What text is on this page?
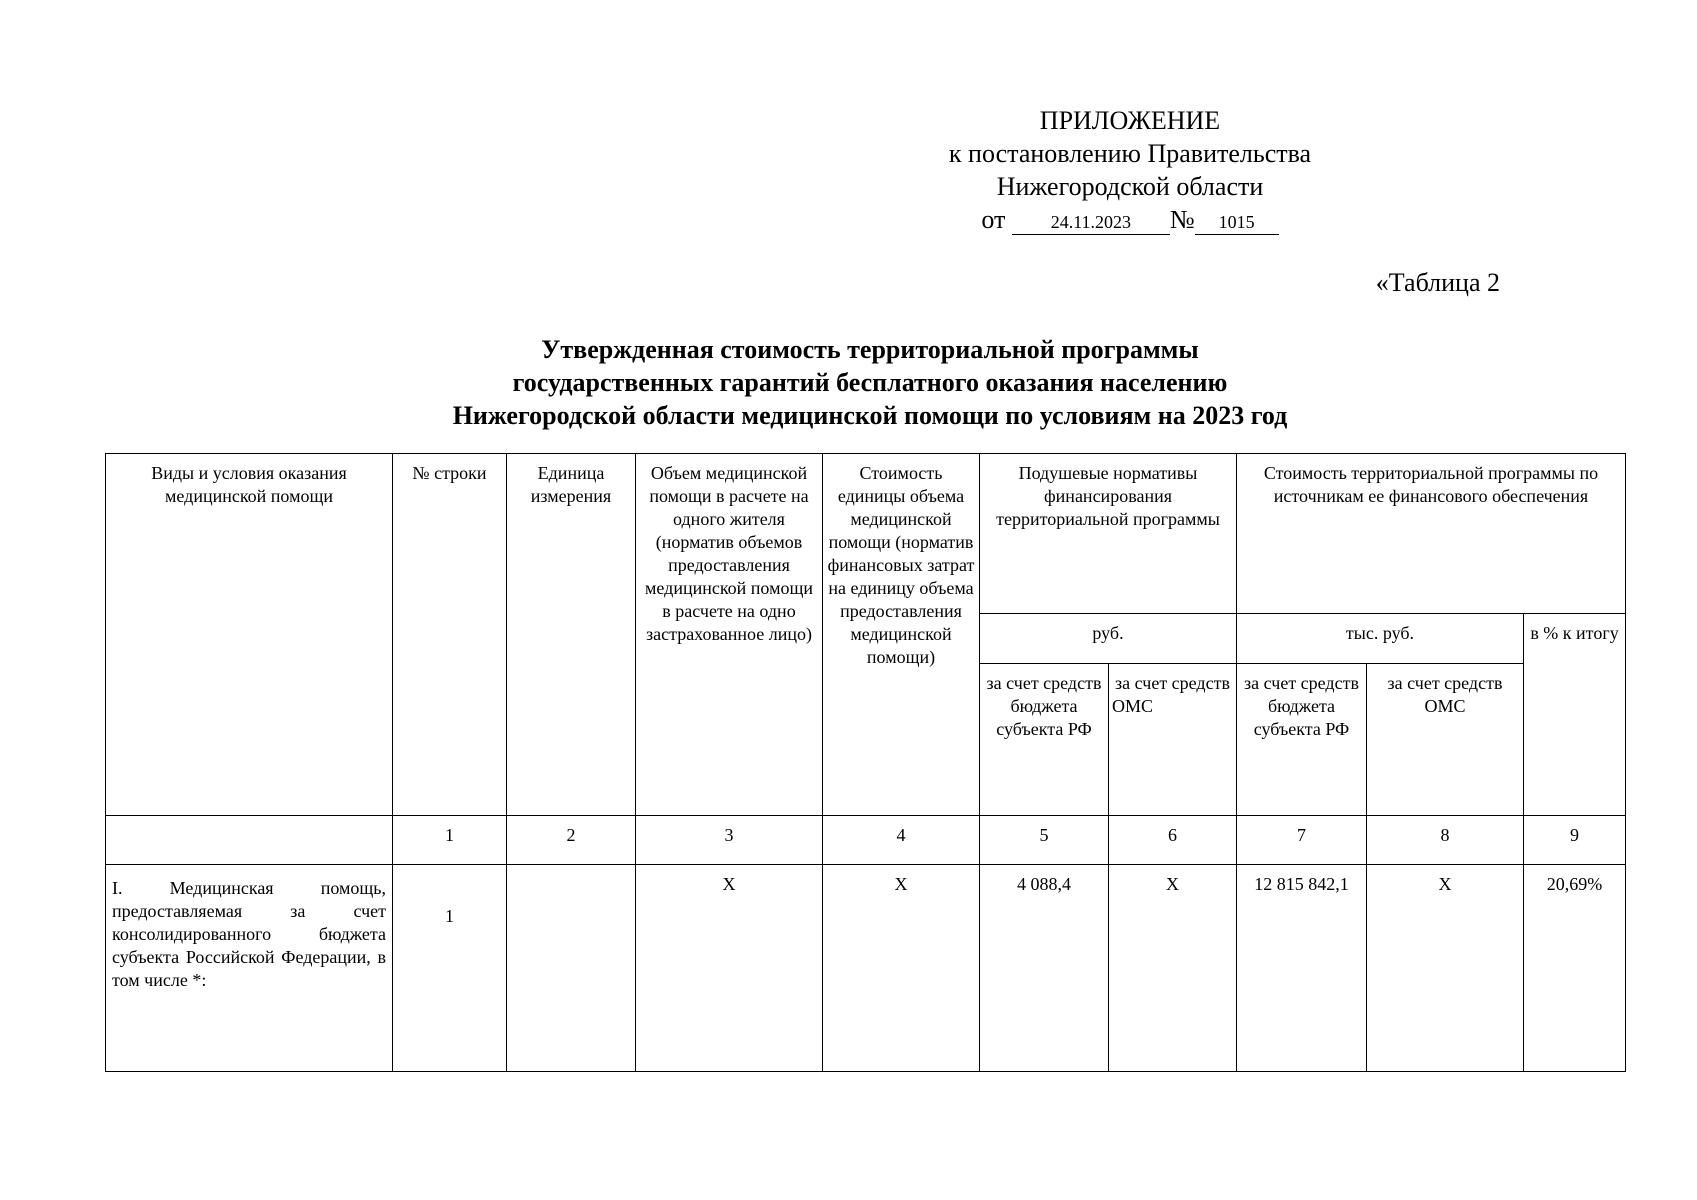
ПРИЛОЖЕНИЕ
к постановлению Правительства
Нижегородской области
от	24.11.2023 № 1015
«Таблица 2
Утвержденная стоимость территориальной программы
государственных гарантий бесплатного оказания населению
Нижегородской области медицинской помощи по условиям на 2023 год
Виды и условия оказания медицинской помощи	№ строки	Единица измерения	Объем медицинской помощи в расчете на одного жителя (норматив объемов предоставления медицинской помощи в расчете на одно застрахованное лицо)	Стоимость единицы объема медицинской помощи (норматив финансовых затрат на единицу объема предоставления медицинской помощи)	Подушевые нормативы финансирования территориальной программы		Стоимость территориальной программы по источникам ее финансового обеспечения		
					руб.		тыс. руб.		в % к итогу
					за счет средств бюджета субъекта РФ	за счет средств ОМС	за счет средств бюджета субъекта РФ	за счет средств ОМС	
	1	2	3	4	5	6	7	8	9
I. Медицинская помощь, предоставляемая за счет консолидированного бюджета субъекта Российской Федерации, в том числе *:	1		Х	Х	4 088,4	Х	12 815 842,1	Х	20,69%
